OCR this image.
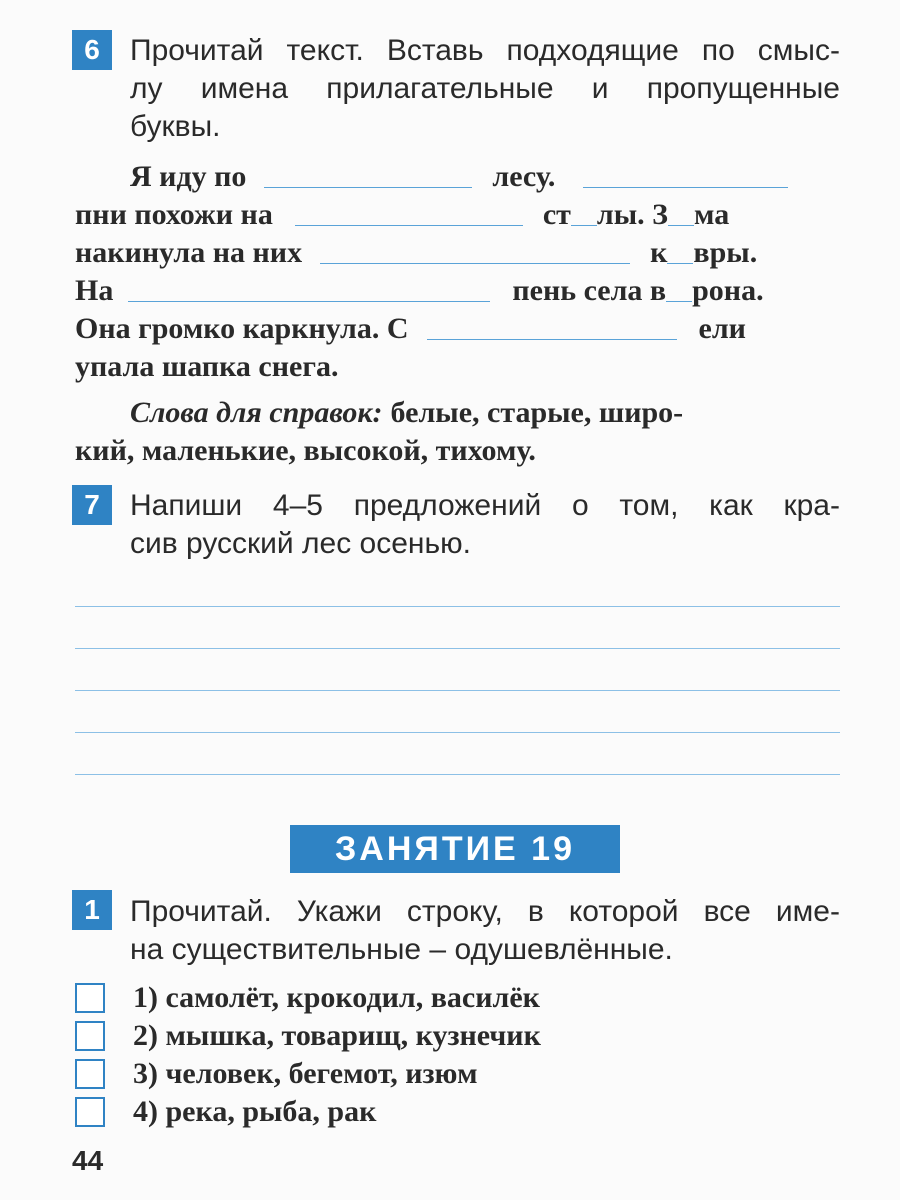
6 Прочитай текст. Вставь подходящие по смыс-
лу имена прилагательные и пропущенные
буквы.
Я иду по	лесу.
пни похожи на	ст лы. З ма
накинула на них	к вры.
На	пень села в рона.
Она громко каркнула. С	ели
упала шапка снега.
Слова для справок: белые, старые, широ-
кий, маленькие, высокой, тихому.
7 Напиши 4–5 предложений о том, как кра-
сив русский лес осенью.
ЗАНЯТИЕ 19
1 Прочитай. Укажи строку, в которой все име-
на существительные – одушевлённые.
1) самолёт, крокодил, василёк
2) мышка, товарищ, кузнечик
3) человек, бегемот, изюм
4) река, рыба, рак
44
